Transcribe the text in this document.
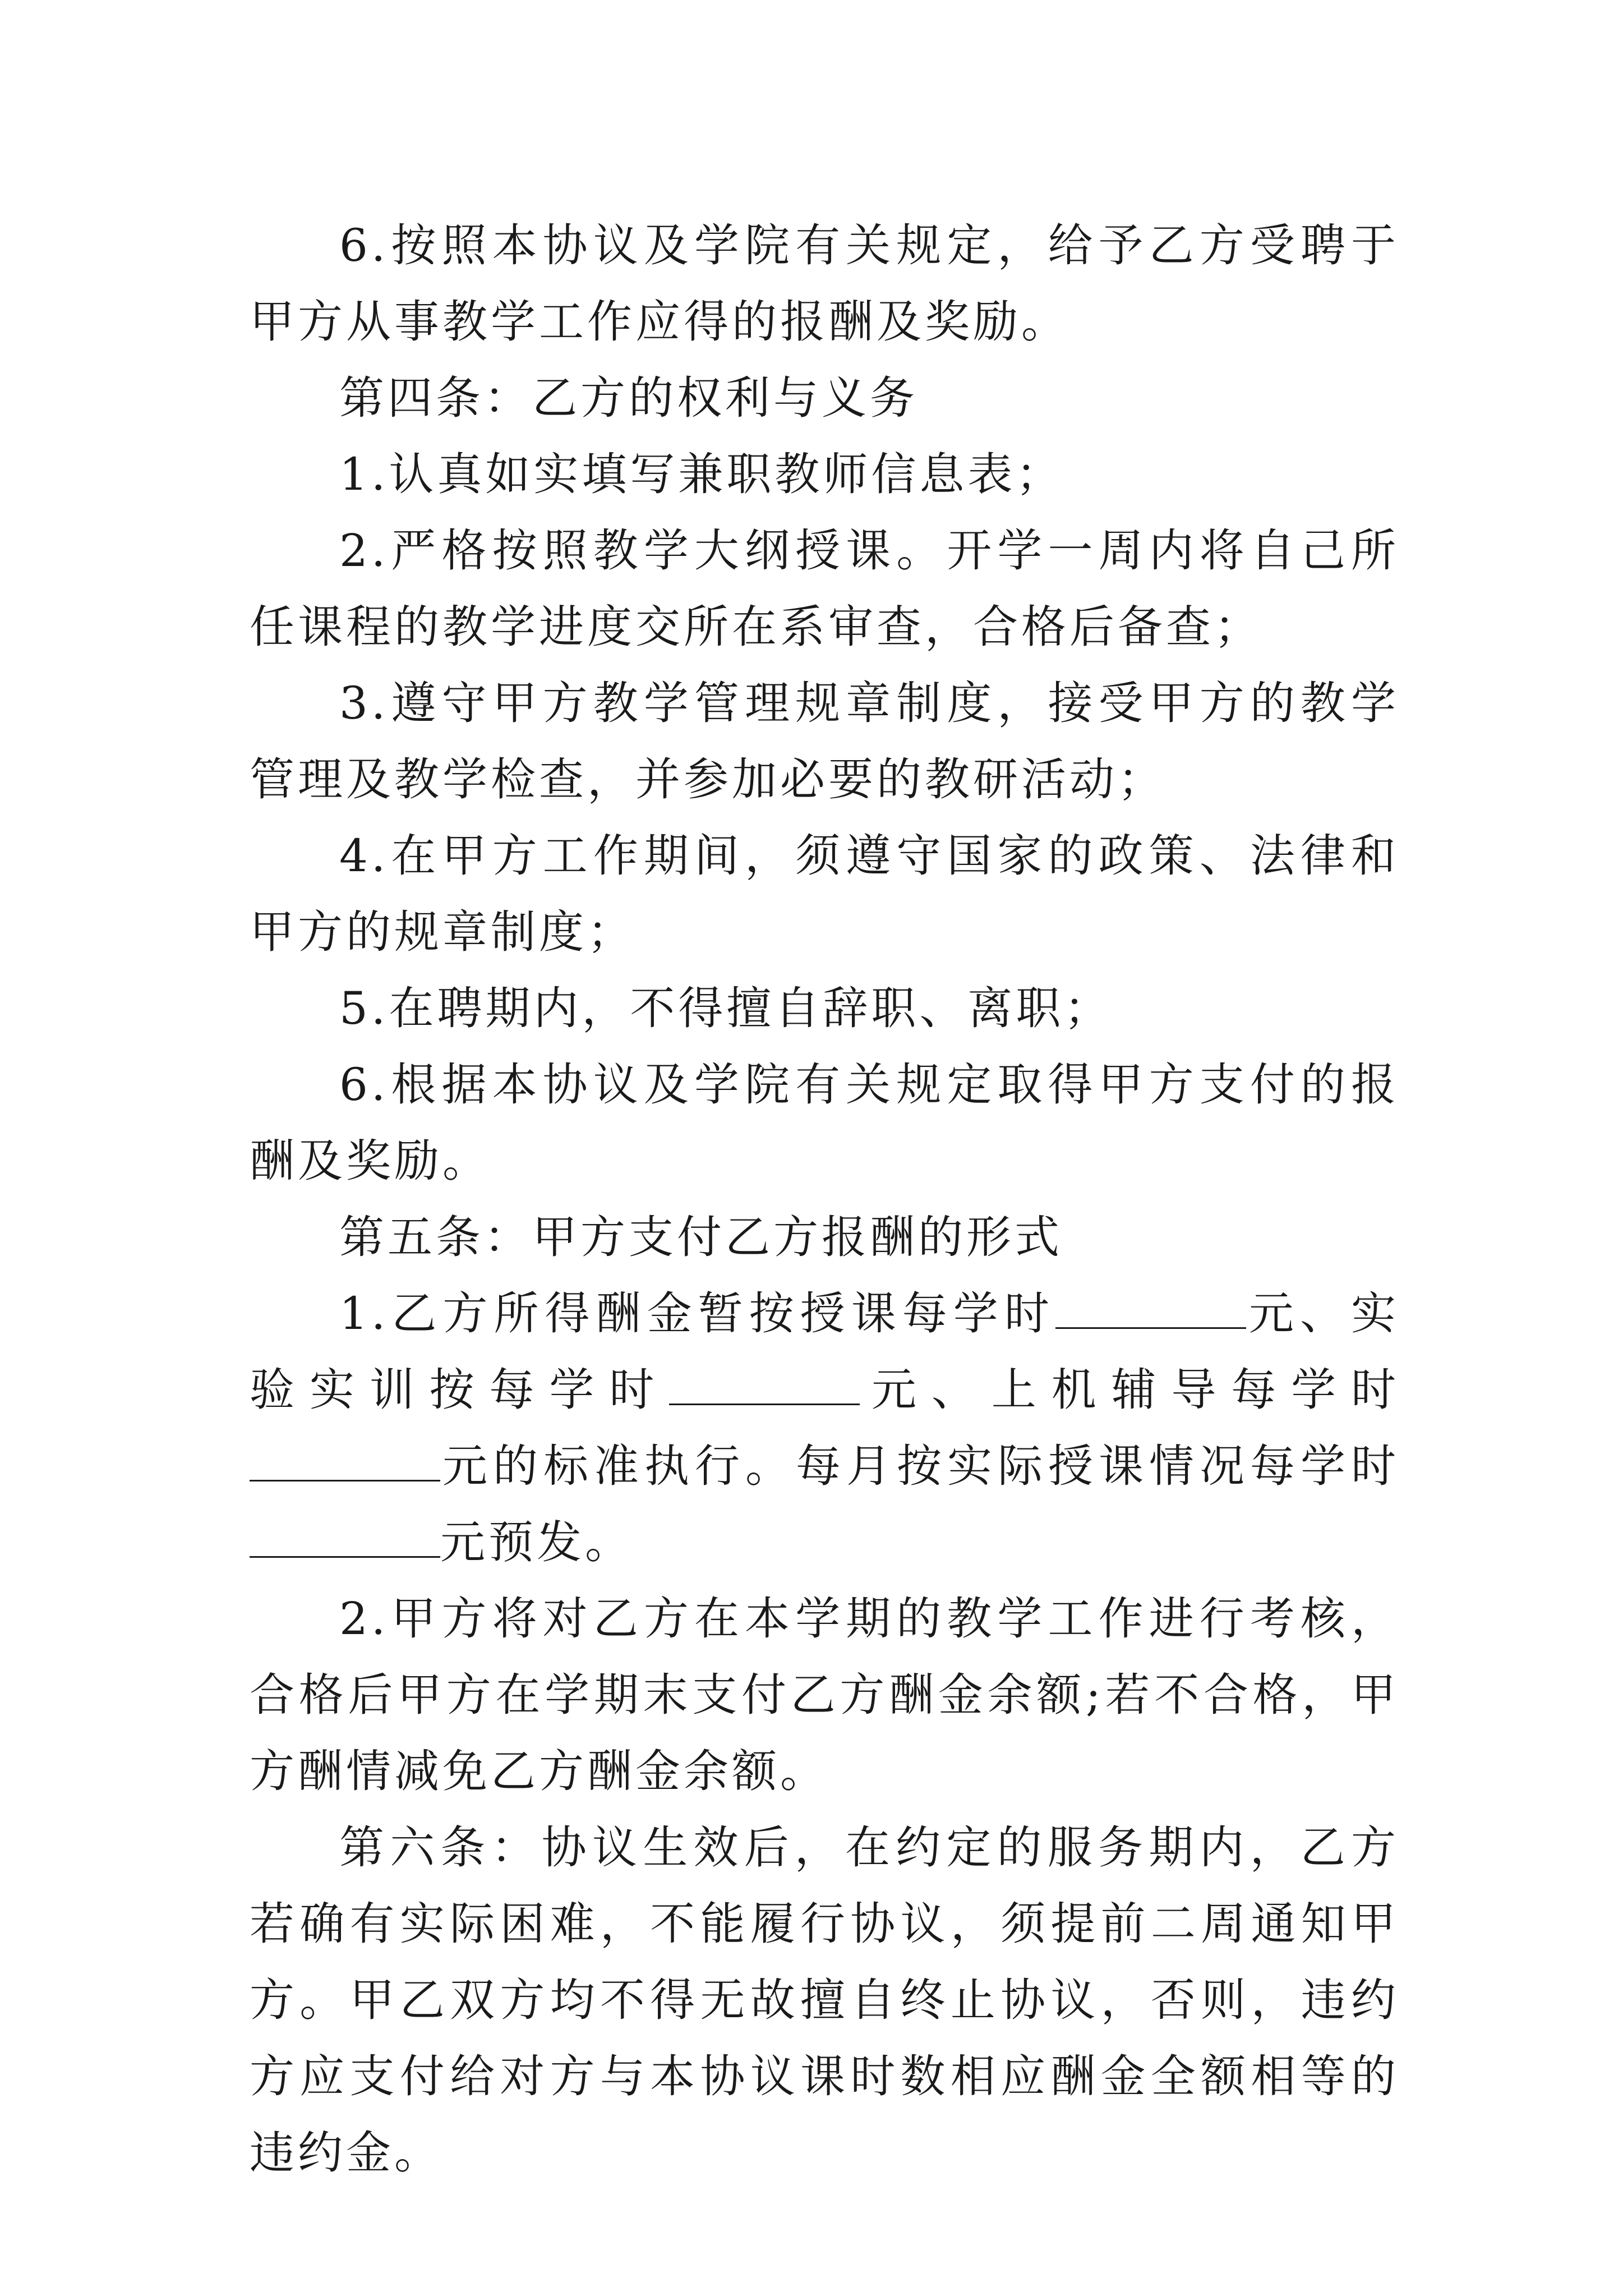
6.按照本协议及学院有关规定，给予乙方受聘于甲方从事教学工作应得的报酬及奖励。

第四条：乙方的权利与义务

1.认真如实填写兼职教师信息表；

2.严格按照教学大纲授课。开学一周内将自己所任课程的教学进度交所在系审查，合格后备查；

3.遵守甲方教学管理规章制度，接受甲方的教学管理及教学检查，并参加必要的教研活动；

4.在甲方工作期间，须遵守国家的政策、法律和甲方的规章制度；

5.在聘期内，不得擅自辞职、离职；

6.根据本协议及学院有关规定取得甲方支付的报酬及奖励。

第五条：甲方支付乙方报酬的形式

1.乙方所得酬金暂按授课每学时	元、实验实训按每学时	元、上机辅导每学时元的标准执行。每月按实际授课情况每学时元预发。

2.甲方将对乙方在本学期的教学工作进行考核，合格后甲方在学期末支付乙方酬金余额;若不合格，甲方酬情减免乙方酬金余额。

第六条：协议生效后，在约定的服务期内，乙方若确有实际困难，不能履行协议，须提前二周通知甲方。甲乙双方均不得无故擅自终止协议，否则，违约方应支付给对方与本协议课时数相应酬金全额相等的违约金。
